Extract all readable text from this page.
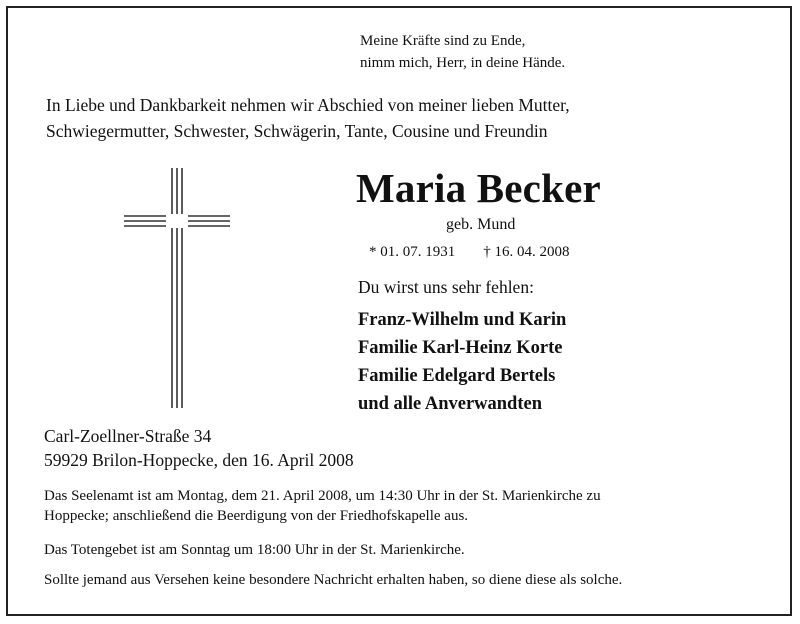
Meine Kräfte sind zu Ende,
nimm mich, Herr, in deine Hände.
In Liebe und Dankbarkeit nehmen wir Abschied von meiner lieben Mutter,
Schwiegermutter, Schwester, Schwägerin, Tante, Cousine und Freundin
Maria Becker
geb. Mund
* 01. 07. 1931 † 16. 04. 2008
Du wirst uns sehr fehlen:
Franz-Wilhelm und Karin
Familie Karl-Heinz Korte
Familie Edelgard Bertels
und alle Anverwandten
Carl-Zoellner-Straße 34
59929 Brilon-Hoppecke, den 16. April 2008
Das Seelenamt ist am Montag, dem 21. April 2008, um 14:30 Uhr in der St. Marienkirche zu
Hoppecke; anschließend die Beerdigung von der Friedhofskapelle aus.
Das Totengebet ist am Sonntag um 18:00 Uhr in der St. Marienkirche.
Sollte jemand aus Versehen keine besondere Nachricht erhalten haben, so diene diese als solche.
